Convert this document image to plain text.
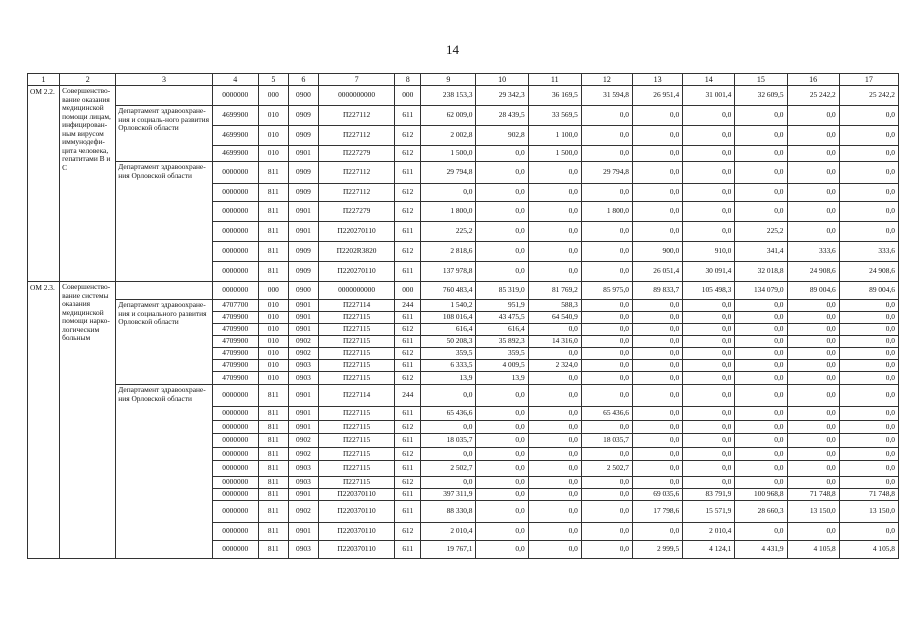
14
1	2	3	4	5	6	7	8	9	10	11	12	13	14	15	16	17
ОМ 2.2.	Совершенство-вание оказания медицинской помощи лицам, инфицирован-ным вирусом иммунодефи-цита человека, гепатитами В и С		0000000	000	0900	0000000000	000	238 153,3	29 342,3	36 169,5	31 594,8	26 951,4	31 001,4	32 609,5	25 242,2	25 242,2
		Департамент здравоохране-ния и социаль-ного развития Орловской области	4699900	010	0909	П227112	611	62 009,0	28 439,5	33 569,5	0,0	0,0	0,0	0,0	0,0	0,0
			4699900	010	0909	П227112	612	2 002,8	902,8	1 100,0	0,0	0,0	0,0	0,0	0,0	0,0
			4699900	010	0901	П227279	612	1 500,0	0,0	1 500,0	0,0	0,0	0,0	0,0	0,0	0,0
		Департамент здравоохране-ния Орловской области	0000000	811	0909	П227112	611	29 794,8	0,0	0,0	29 794,8	0,0	0,0	0,0	0,0	0,0
			0000000	811	0909	П227112	612	0,0	0,0	0,0	0,0	0,0	0,0	0,0	0,0	0,0
			0000000	811	0901	П227279	612	1 800,0	0,0	0,0	1 800,0	0,0	0,0	0,0	0,0	0,0
			0000000	811	0901	П220270110	611	225,2	0,0	0,0	0,0	0,0	0,0	225,2	0,0	0,0
			0000000	811	0909	П2202R3820	612	2 818,6	0,0	0,0	0,0	900,0	910,0	341,4	333,6	333,6
			0000000	811	0909	П220270110	611	137 978,8	0,0	0,0	0,0	26 051,4	30 091,4	32 018,8	24 908,6	24 908,6
ОМ 2.3.	Совершенство-вание системы оказания медицинской помощи нарко-логическим больным		0000000	000	0900	0000000000	000	760 483,4	85 319,0	81 769,2	85 975,0	89 833,7	105 498,3	134 079,0	89 004,6	89 004,6
		Департамент здравоохране-ния и социального развития Орловской области	4707700	010	0901	П227114	244	1 540,2	951,9	588,3	0,0	0,0	0,0	0,0	0,0	0,0
			4709900	010	0901	П227115	611	108 016,4	43 475,5	64 540,9	0,0	0,0	0,0	0,0	0,0	0,0
			4709900	010	0901	П227115	612	616,4	616,4	0,0	0,0	0,0	0,0	0,0	0,0	0,0
			4709900	010	0902	П227115	611	50 208,3	35 892,3	14 316,0	0,0	0,0	0,0	0,0	0,0	0,0
			4709900	010	0902	П227115	612	359,5	359,5	0,0	0,0	0,0	0,0	0,0	0,0	0,0
			4709900	010	0903	П227115	611	6 333,5	4 009,5	2 324,0	0,0	0,0	0,0	0,0	0,0	0,0
			4709900	010	0903	П227115	612	13,9	13,9	0,0	0,0	0,0	0,0	0,0	0,0	0,0
		Департамент здравоохране-ния Орловской области	0000000	811	0901	П227114	244	0,0	0,0	0,0	0,0	0,0	0,0	0,0	0,0	0,0
			0000000	811	0901	П227115	611	65 436,6	0,0	0,0	65 436,6	0,0	0,0	0,0	0,0	0,0
			0000000	811	0901	П227115	612	0,0	0,0	0,0	0,0	0,0	0,0	0,0	0,0	0,0
			0000000	811	0902	П227115	611	18 035,7	0,0	0,0	18 035,7	0,0	0,0	0,0	0,0	0,0
			0000000	811	0902	П227115	612	0,0	0,0	0,0	0,0	0,0	0,0	0,0	0,0	0,0
			0000000	811	0903	П227115	611	2 502,7	0,0	0,0	2 502,7	0,0	0,0	0,0	0,0	0,0
			0000000	811	0903	П227115	612	0,0	0,0	0,0	0,0	0,0	0,0	0,0	0,0	0,0
			0000000	811	0901	П220370110	611	397 311,9	0,0	0,0	0,0	69 035,6	83 791,9	100 968,8	71 748,8	71 748,8
			0000000	811	0902	П220370110	611	88 330,8	0,0	0,0	0,0	17 798,6	15 571,9	28 660,3	13 150,0	13 150,0
			0000000	811	0901	П220370110	612	2 010,4	0,0	0,0	0,0	0,0	2 010,4	0,0	0,0	0,0
			0000000	811	0903	П220370110	611	19 767,1	0,0	0,0	0,0	2 999,5	4 124,1	4 431,9	4 105,8	4 105,8
